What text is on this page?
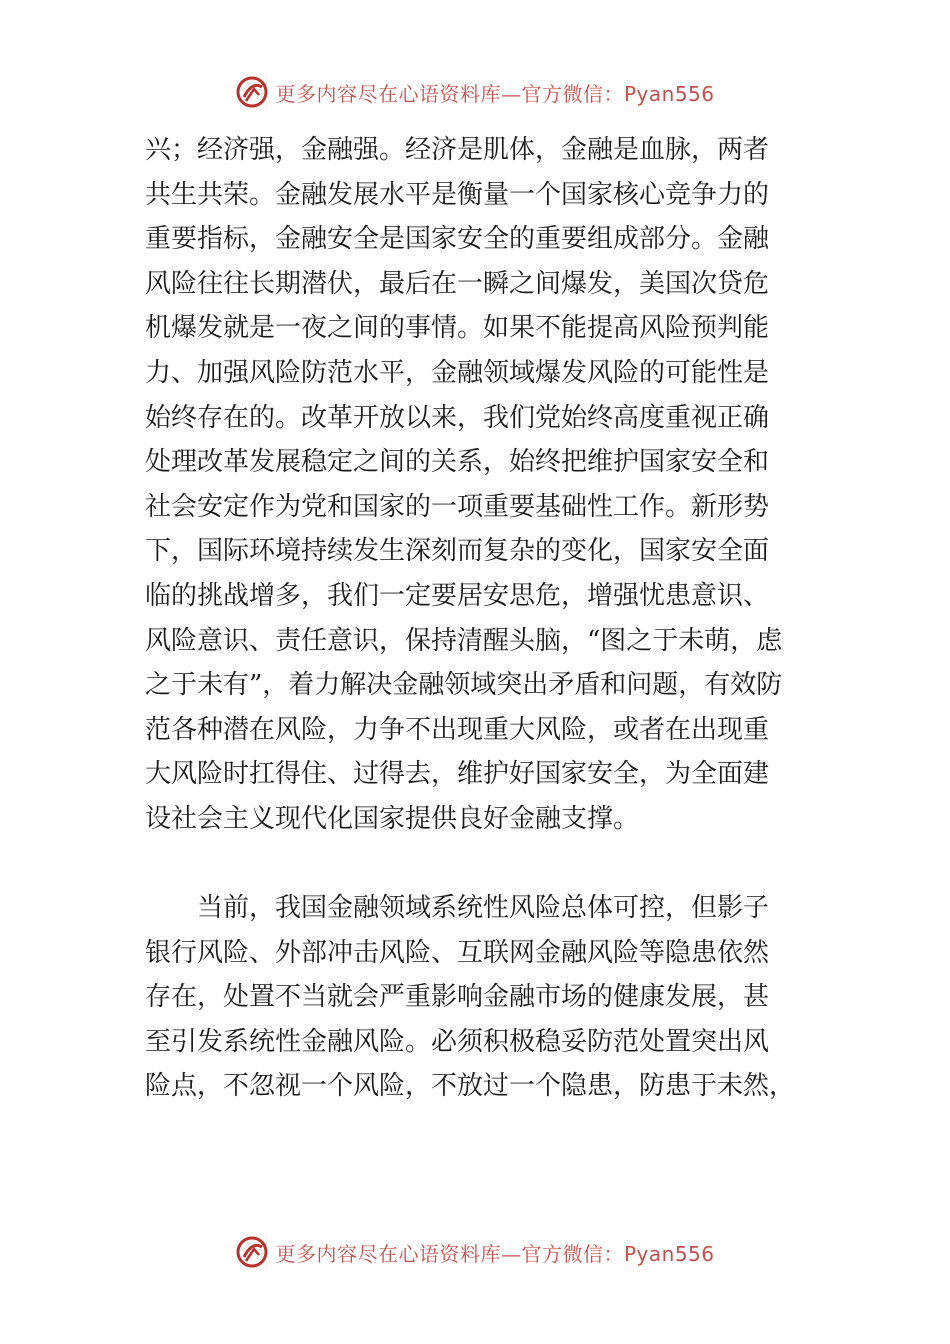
更多内容尽在心语资料库—官方微信：Pyan556
兴；经济强，金融强。经济是肌体，金融是血脉，两者
共生共荣。金融发展水平是衡量一个国家核心竞争力的
重要指标，金融安全是国家安全的重要组成部分。金融
风险往往长期潜伏，最后在一瞬之间爆发，美国次贷危
机爆发就是一夜之间的事情。如果不能提高风险预判能
力、加强风险防范水平，金融领域爆发风险的可能性是
始终存在的。改革开放以来，我们党始终高度重视正确
处理改革发展稳定之间的关系，始终把维护国家安全和
社会安定作为党和国家的一项重要基础性工作。新形势
下，国际环境持续发生深刻而复杂的变化，国家安全面
临的挑战增多，我们一定要居安思危，增强忧患意识、
风险意识、责任意识，保持清醒头脑，“图之于未萌，虑
之于未有”，着力解决金融领域突出矛盾和问题，有效防
范各种潜在风险，力争不出现重大风险，或者在出现重
大风险时扛得住、过得去，维护好国家安全，为全面建
设社会主义现代化国家提供良好金融支撑。
　　当前，我国金融领域系统性风险总体可控，但影子
银行风险、外部冲击风险、互联网金融风险等隐患依然
存在，处置不当就会严重影响金融市场的健康发展，甚
至引发系统性金融风险。必须积极稳妥防范处置突出风
险点，不忽视一个风险，不放过一个隐患，防患于未然，
更多内容尽在心语资料库—官方微信：Pyan556
